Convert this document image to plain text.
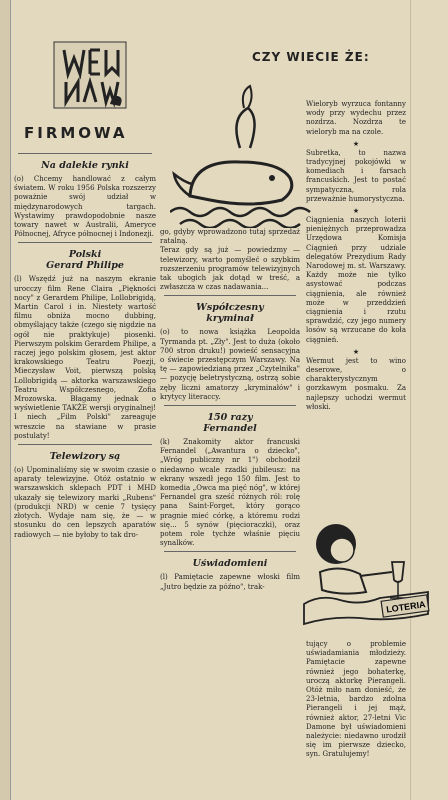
FIRMOWA
Na dalekie rynki

(o) Chcemy handlować z całym światem. W roku 1956 Polska rozszerzy poważnie swój udział w międzynarodowych targach. Wystawimy prawdopodobnie nasze towary nawet w Australii, Ameryce Północnej, Afryce północnej i Indonezji.

Polski
Gerard Philipe

(l) Wszędź już na naszym ekranie urocczy film Rene Claira „Piękności nocy" z Gerardem Philipe, Lollobrigidą, Martin Carol i in. Niestety wartość filmu obniża mocno dubbing, obmyślający także (czego się nigdzie na ogół nie praktykuje) piosenki. Pierwszym polskim Gerardem Philipe, a raczej jego polskim głosem, jest aktor krakowskiego Teatru Poezji, Mieczysław Voit, pierwszą polską Lollobrigidą — aktorka warszawskiego Teatru Współczesnego, Zofia Mrozowska. Błagamy jednak o wyświetlenie TAKŻE wersji oryginalnej! I niech „Film Polski" zareaguje wreszcie na stawiane w prasie postulaty!

Telewizory są

(o) Upominaliśmy się w swoim czasie o aparaty telewizyjne. Otóż ostatnio w warszawskich sklepach PDT i MHD ukazały się telewizory marki „Rubens" (produkcji NRD) w cenie 7 tysięcy złotych. Wydaje nam się, że — w stosunku do cen lepszych aparatów radiowych — nie byłoby to tak dro-

go, gdyby wprowadzono tutaj sprzedaż ratalną.
Teraz gdy są już — powiedzmy — telewizory, warto pomyśleć o szybkim rozszerzeniu programów telewizyjnych tak ubogich jak dotąd w treść, a zwłaszcza w czas nadawania...

Współczesny
kryminał

(o) to nowa książka Leopolda Tyrmanda pt. „Zły". Jest to duża (około 700 stron druku!) powieść sensacyjna o świecie przestępczym Warszawy. Na tę — zapowiedzianą przez „Czytelnika" — pozycję beletrystyczną, ostrzą sobie zęby liczni amatorzy „kryminałów" i krytycy literaccy.

150 razy
Fernandel

(k) Znakomity aktor francuski Fernandel („Awantura o dziecko", „Wróg publiczny nr 1") obchodził niedawno wcale rzadki jubileusz: na ekrany wszedł jego 150 film. Jest to komedia „Owca ma pięć nóg", w której Fernandel gra sześć różnych ról: rolę pana Saint-Forget, który gorąco pragnie mieć córkę, a któremu rodzi się... 5 synów (pięcioraczki), oraz potem role tychże właśnie pięciu synalków.

Uświadomieni

(l) Pamiętacie zapewne włoski film „Jutro będzie za późno", trak-

CZY WIECIE ŻE:

Wieloryb wyrzuca fontanny wody przy wydechu przez nozdrza. Nozdrza te wieloryb ma na czole.

★

Subretka, to nazwa tradycyjnej pokojówki w komediach i farsach francuskich. Jest to postać sympatyczna, rola przeważnie humorystyczna.

★

Ciągnienia naszych loterii pieniężnych przeprowadza Urzędowa Komisja Ciągnień przy udziale delegatów Prezydium Rady Narodowej m. st. Warszawy. Każdy może nie tylko asystować podczas ciągnienia, ale również może w przeddzień ciągnienia i rzutu sprawdzić, czy jego numery losów są wrzucane do koła ciągnień.

★

Wermut jest to wino deserowe, o charakterystycznym gorzkawym posmaku. Za najlepszy uchodzi wermut włoski.

LOTERIA

tujący o problemie uświadamiania młodzieży. Pamiętacie zapewne również jego bohaterkę, uroczą aktorkę Pierangeli. Otóż miło nam donieść, że 23-letnia, bardzo zdolna Pierangeli i jej mąż, również aktor, 27-letni Vic Damone był uświadomieni należycie: niedawno urodził się im pierwsze dziecko, syn. Gratulujemy!
